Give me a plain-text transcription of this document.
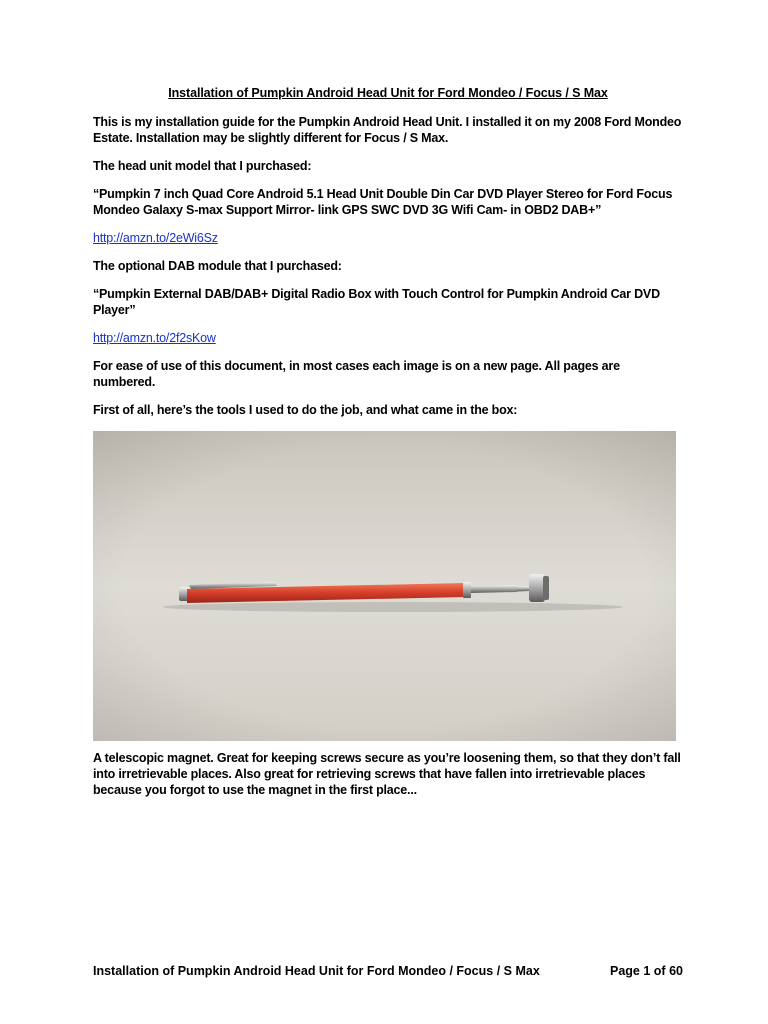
Installation of Pumpkin Android Head Unit for Ford Mondeo / Focus / S Max

This is my installation guide for the Pumpkin Android Head Unit. I installed it on my 2008 Ford Mondeo Estate. Installation may be slightly different for Focus / S Max.

The head unit model that I purchased:

“Pumpkin 7 inch Quad Core Android 5.1 Head Unit Double Din Car DVD Player Stereo for Ford Focus Mondeo Galaxy S-max Support Mirror- link GPS SWC DVD 3G Wifi Cam- in OBD2 DAB+”

http://amzn.to/2eWi6Sz

The optional DAB module that I purchased:

“Pumpkin External DAB/DAB+ Digital Radio Box with Touch Control for Pumpkin Android Car DVD Player”

http://amzn.to/2f2sKow

For ease of use of this document, in most cases each image is on a new page. All pages are numbered.

First of all, here’s the tools I used to do the job, and what came in the box:

A telescopic magnet. Great for keeping screws secure as you’re loosening them, so that they don’t fall into irretrievable places. Also great for retrieving screws that have fallen into irretrievable places because you forgot to use the magnet in the first place...

Installation of Pumpkin Android Head Unit for Ford Mondeo / Focus / S Max	Page 1 of 60
